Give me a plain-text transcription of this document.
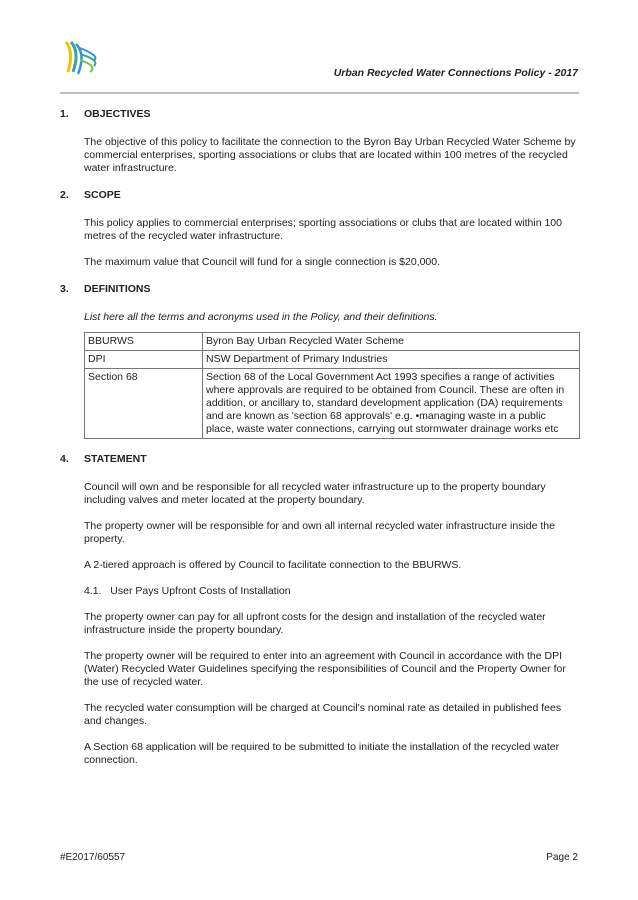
Urban Recycled Water Connections Policy - 2017
1.	OBJECTIVES

The objective of this policy to facilitate the connection to the Byron Bay Urban Recycled Water Scheme by commercial enterprises, sporting associations or clubs that are located within 100 metres of the recycled water infrastructure.

2.	SCOPE

This policy applies to commercial enterprises; sporting associations or clubs that are located within 100 metres of the recycled water infrastructure.

The maximum value that Council will fund for a single connection is $20,000.

3.	DEFINITIONS

List here all the terms and acronyms used in the Policy, and their definitions.

BBURWS	Byron Bay Urban Recycled Water Scheme
DPI	NSW Department of Primary Industries
Section 68	Section 68 of the Local Government Act 1993 specifies a range of activities where approvals are required to be obtained from Council. These are often in addition, or ancillary to, standard development application (DA) requirements and are known as 'section 68 approvals' e.g. •managing waste in a public place, waste water connections, carrying out stormwater drainage works etc
4.	STATEMENT

Council will own and be responsible for all recycled water infrastructure up to the property boundary including valves and meter located at the property boundary.

The property owner will be responsible for and own all internal recycled water infrastructure inside the property.

A 2-tiered approach is offered by Council to facilitate connection to the BBURWS.

4.1. User Pays Upfront Costs of Installation

The property owner can pay for all upfront costs for the design and installation of the recycled water infrastructure inside the property boundary.

The property owner will be required to enter into an agreement with Council in accordance with the DPI (Water) Recycled Water Guidelines specifying the responsibilities of Council and the Property Owner for the use of recycled water.

The recycled water consumption will be charged at Council's nominal rate as detailed in published fees and changes.

A Section 68 application will be required to be submitted to initiate the installation of the recycled water connection.

#E2017/60557	Page 2
